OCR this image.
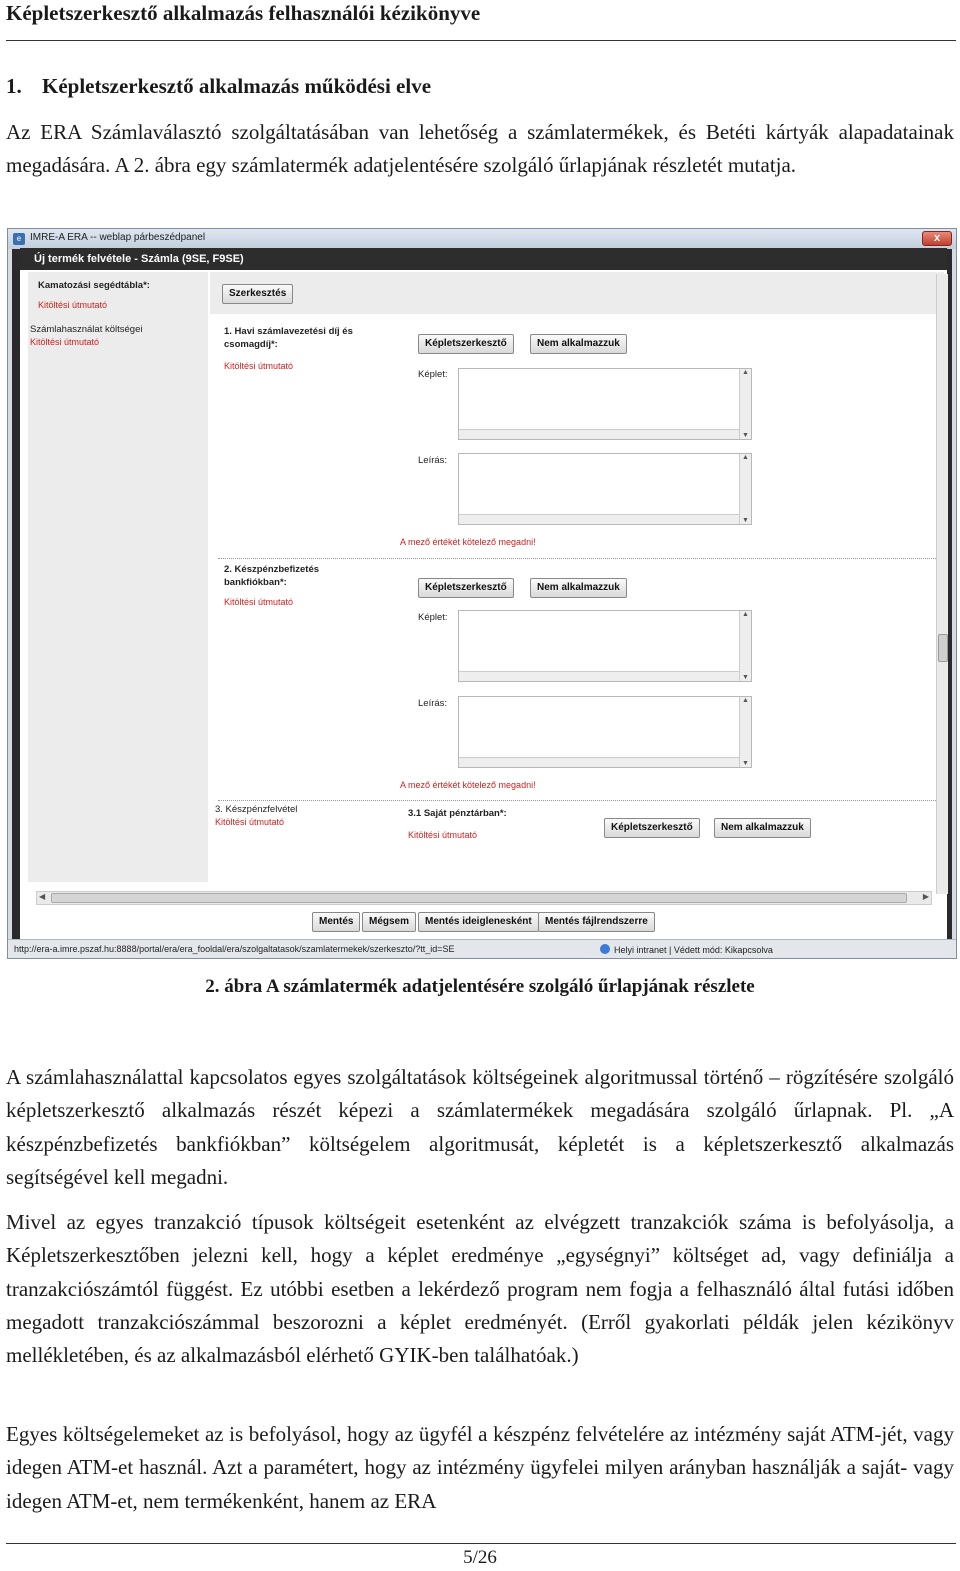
Képletszerkesztő alkalmazás felhasználói kézikönyve
1. Képletszerkesztő alkalmazás működési elve
Az ERA Számlaválasztó szolgáltatásában van lehetőség a számlatermékek, és Betéti kártyák alapadatainak megadására. A 2. ábra egy számlatermék adatjelentésére szolgáló űrlapjának részletét mutatja.
e IMRE-A ERA -- weblap párbeszédpanel	x
Új termék felvétele - Számla (9SE, F9SE)
Kamatozási segédtábla*:
Kitöltési útmutató
Szerkesztés
Számlahasználat költségei
Kitöltési útmutató
1. Havi számlavezetési díj és
csomagdíj*:
Kitöltési útmutató
Képletszerkesztő	Nem alkalmazzuk
Képlet:
▲ ▼
Leírás:
▲ ▼
A mező értékét kötelező megadni!
2. Készpénzbefizetés
bankfiókban*:
Kitöltési útmutató
Képletszerkesztő	Nem alkalmazzuk
Képlet:
▲ ▼
Leírás:
▲ ▼
A mező értékét kötelező megadni!
3. Készpénzfelvétel
Kitöltési útmutató
3.1 Saját pénztárban*:
Kitöltési útmutató
Képletszerkesztő	Nem alkalmazzuk
◀	▶
Mentés	Mégsem	Mentés ideiglenesként	Mentés fájlrendszerre
http://era-a.imre.pszaf.hu:8888/portal/era/era_fooldal/era/szolgaltatasok/szamlatermekek/szerkeszto/?tt_id=SE	Helyi intranet | Védett mód: Kikapcsolva
2. ábra A számlatermék adatjelentésére szolgáló űrlapjának részlete
A számlahasználattal kapcsolatos egyes szolgáltatások költségeinek algoritmussal történő – rögzítésére szolgáló képletszerkesztő alkalmazás részét képezi a számlatermékek megadására szolgáló űrlapnak. Pl. „A készpénzbefizetés bankfiókban” költségelem algoritmusát, képletét is a képletszerkesztő alkalmazás segítségével kell megadni.
Mivel az egyes tranzakció típusok költségeit esetenként az elvégzett tranzakciók száma is befolyásolja, a Képletszerkesztőben jelezni kell, hogy a képlet eredménye „egységnyi” költséget ad, vagy definiálja a tranzakciószámtól függést. Ez utóbbi esetben a lekérdező program nem fogja a felhasználó által futási időben megadott tranzakciószámmal beszorozni a képlet eredményét. (Erről gyakorlati példák jelen kézikönyv mellékletében, és az alkalmazásból elérhető GYIK-ben találhatóak.)
Egyes költségelemeket az is befolyásol, hogy az ügyfél a készpénz felvételére az intézmény saját ATM-jét, vagy idegen ATM-et használ. Azt a paramétert, hogy az intézmény ügyfelei milyen arányban használják a saját- vagy idegen ATM-et, nem termékenként, hanem az ERA
5/26
